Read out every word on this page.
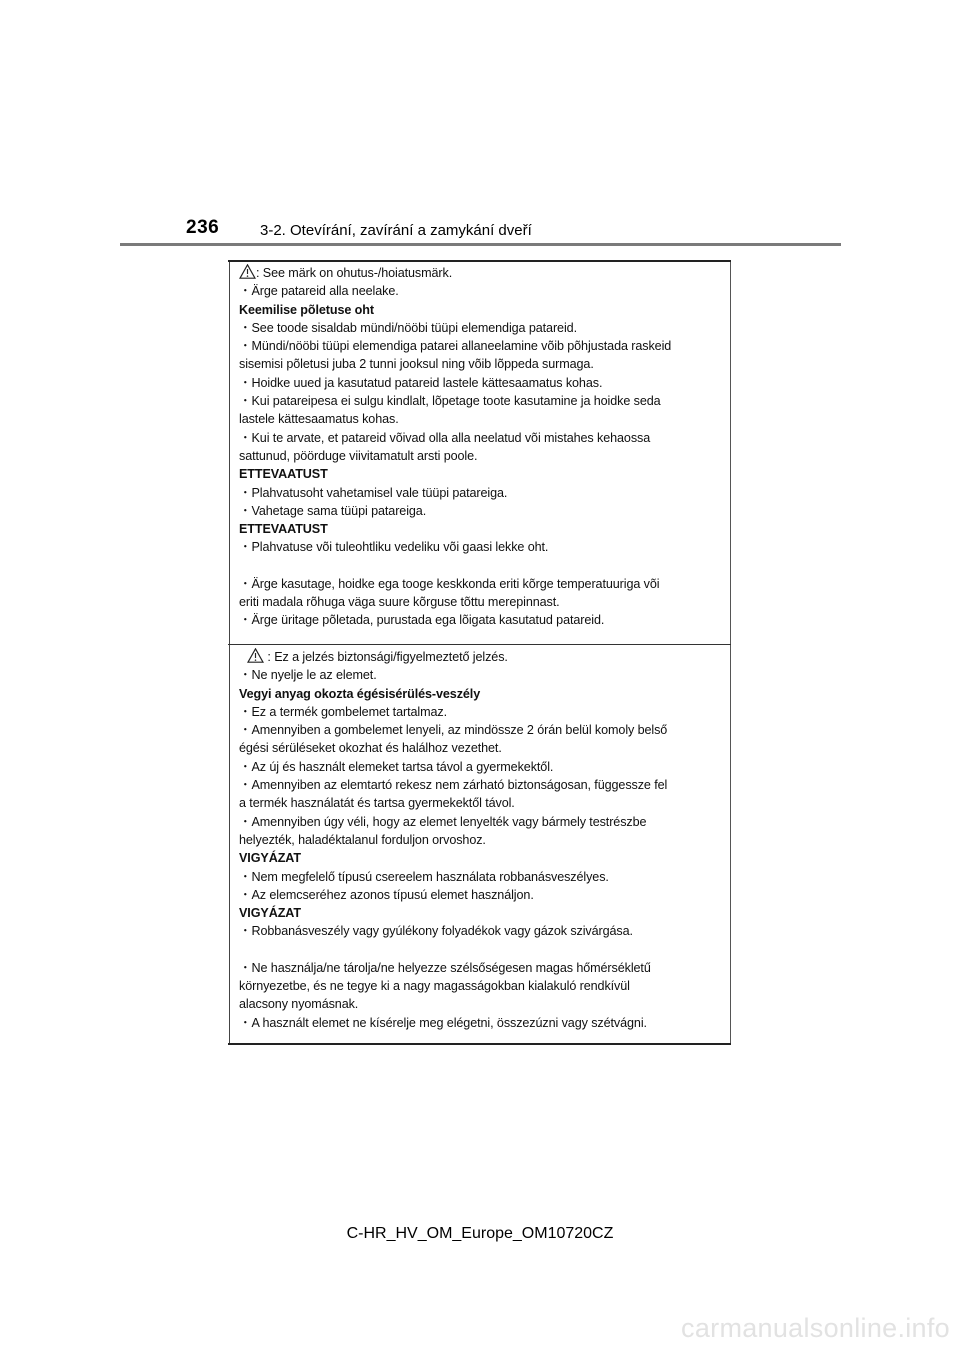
236	3-2. Otevírání, zavírání a zamykání dveří
: See märk on ohutus-/hoiatusmärk.
・Ärge patareid alla neelake.
Keemilise põletuse oht
・See toode sisaldab mündi/nööbi tüüpi elemendiga patareid.
・Mündi/nööbi tüüpi elemendiga patarei allaneelamine võib põhjustada raskeid
sisemisi põletusi juba 2 tunni jooksul ning võib lõppeda surmaga.
・Hoidke uued ja kasutatud patareid lastele kättesaamatus kohas.
・Kui patareipesa ei sulgu kindlalt, lõpetage toote kasutamine ja hoidke seda
lastele kättesaamatus kohas.
・Kui te arvate, et patareid võivad olla alla neelatud või mistahes kehaossa
sattunud, pöörduge viivitamatult arsti poole.
ETTEVAATUST
・Plahvatusoht vahetamisel vale tüüpi patareiga.
・Vahetage sama tüüpi patareiga.
ETTEVAATUST
・Plahvatuse või tuleohtliku vedeliku või gaasi lekke oht.
・Ärge kasutage, hoidke ega tooge keskkonda eriti kõrge temperatuuriga või
eriti madala rõhuga väga suure kõrguse tõttu merepinnast.
・Ärge üritage põletada, purustada ega lõigata kasutatud patareid.
: Ez a jelzés biztonsági/figyelmeztető jelzés.
・Ne nyelje le az elemet.
Vegyi anyag okozta égésisérülés-veszély
・Ez a termék gombelemet tartalmaz.
・Amennyiben a gombelemet lenyeli, az mindössze 2 órán belül komoly belső
égési sérüléseket okozhat és halálhoz vezethet.
・Az új és használt elemeket tartsa távol a gyermekektől.
・Amennyiben az elemtartó rekesz nem zárható biztonságosan, függessze fel
a termék használatát és tartsa gyermekektől távol.
・Amennyiben úgy véli, hogy az elemet lenyelték vagy bármely testrészbe
helyezték, haladéktalanul forduljon orvoshoz.
VIGYÁZAT
・Nem megfelelő típusú csereelem használata robbanásveszélyes.
・Az elemcseréhez azonos típusú elemet használjon.
VIGYÁZAT
・Robbanásveszély vagy gyúlékony folyadékok vagy gázok szivárgása.
・Ne használja/ne tárolja/ne helyezze szélsőségesen magas hőmérsékletű
környezetbe, és ne tegye ki a nagy magasságokban kialakuló rendkívül
alacsony nyomásnak.
・A használt elemet ne kísérelje meg elégetni, összezúzni vagy szétvágni.
C-HR_HV_OM_Europe_OM10720CZ
carmanualsonline.info
